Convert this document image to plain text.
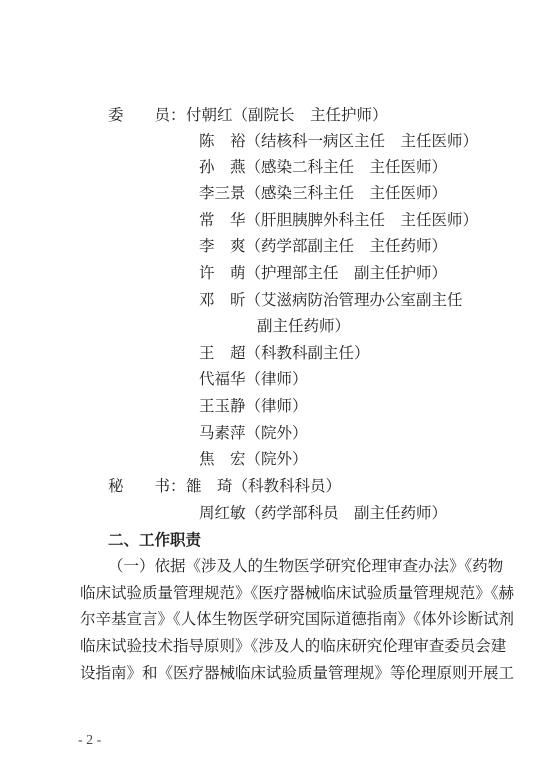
委　　员： 付朝红（副院长　主任护师）
陈　裕（结核科一病区主任　主任医师）
孙　燕（感染二科主任　主任医师）
李三景（感染三科主任　主任医师）
常　华（肝胆胰脾外科主任　主任医师）
李　爽（药学部副主任　主任药师）
许　萌（护理部主任　副主任护师）
邓　昕（艾滋病防治管理办公室副主任
副主任药师）
王　超（科教科副主任）
代福华（律师）
王玉静（律师）
马素萍（院外）
焦　宏（院外）
秘　　书： 雒　琦（科教科科员）
周红敏（药学部科员　副主任药师）
二、工作职责
（一）依据《涉及人的生物医学研究伦理审查办法》《药物
临床试验质量管理规范》《医疗器械临床试验质量管理规范》《赫
尔辛基宣言》《人体生物医学研究国际道德指南》《体外诊断试剂
临床试验技术指导原则》《涉及人的临床研究伦理审查委员会建
设指南》和《医疗器械临床试验质量管理规》等伦理原则开展工
- 2 -
